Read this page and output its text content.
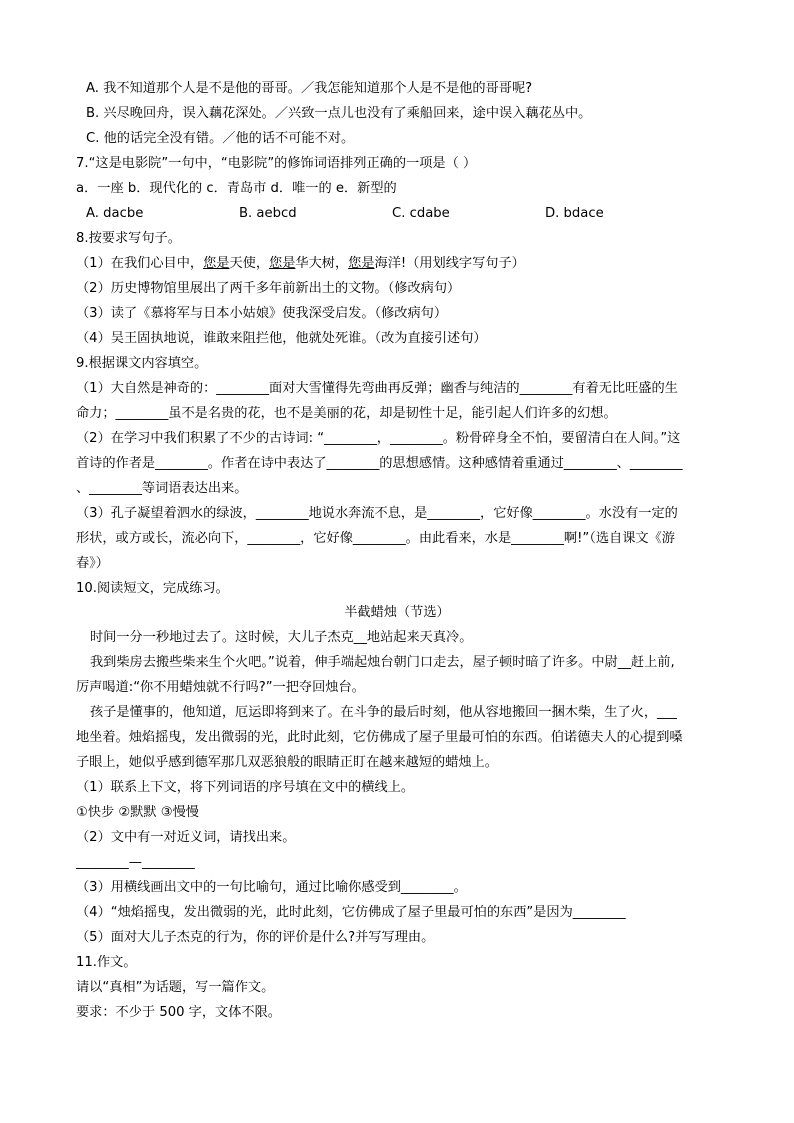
A. 我不知道那个人是不是他的哥哥。／我怎能知道那个人是不是他的哥哥呢?
B. 兴尽晚回舟，误入藕花深处。／兴致一点儿也没有了乘船回来，途中误入藕花丛中。
C. 他的话完全没有错。／他的话不可能不对。
7.“这是电影院”一句中，“电影院”的修饰词语排列正确的一项是（ ）
a．一座 b．现代化的 c．青岛市 d．唯一的 e．新型的
A. dacbe	B. aebcd	C. cdabe	D. bdace
8.按要求写句子。
（1）在我们心目中，您是天使，您是华大树，您是海洋!（用划线字写句子）
（2）历史博物馆里展出了两千多年前新出土的文物。（修改病句）
（3）读了《慕将军与日本小姑娘》使我深受启发。（修改病句）
（4）吴王固执地说，谁敢来阻拦他，他就处死谁。（改为直接引述句）
9.根据课文内容填空。
（1）大自然是神奇的：________面对大雪懂得先弯曲再反弹；幽香与纯洁的________有着无比旺盛的生
命力；________虽不是名贵的花，也不是美丽的花，却是韧性十足，能引起人们许多的幻想。
（2）在学习中我们积累了不少的古诗词: “________，________。粉骨碎身全不怕，要留清白在人间。”这
首诗的作者是________。作者在诗中表达了________的思想感情。这种感情着重通过________、________
、________等词语表达出来。
（3）孔子凝望着泗水的绿波，________地说水奔流不息，是________，它好像________。水没有一定的
形状，或方或长，流必向下，________，它好像________。由此看来，水是________啊!”（选自课文《游
春》）
10.阅读短文，完成练习。
半截蜡烛（节选）
时间一分一秒地过去了。这时候，大儿子杰克__地站起来天真冷。
我到柴房去搬些柴来生个火吧。”说着，伸手端起烛台朝门口走去，屋子顿时暗了许多。中尉__赶上前,
厉声喝道:“你不用蜡烛就不行吗?”一把夺回烛台。
孩子是懂事的，他知道，厄运即将到来了。在斗争的最后时刻，他从容地搬回一捆木柴，生了火，___
地坐着。烛焰摇曳，发出微弱的光，此时此刻，它仿佛成了屋子里最可怕的东西。伯诺德夫人的心提到嗓
子眼上，她似乎感到德军那几双恶狼般的眼睛正盯在越来越短的蜡烛上。
（1）联系上下文，将下列词语的序号填在文中的横线上。
①快步 ②默默 ③慢慢
（2）文中有一对近义词，请找出来。
________—________
（3）用横线画出文中的一句比喻句，通过比喻你感受到________。
（4）“烛焰摇曳，发出微弱的光，此时此刻，它仿佛成了屋子里最可怕的东西”是因为________
（5）面对大儿子杰克的行为，你的评价是什么?并写写理由。
11.作文。
请以“真相”为话题，写一篇作文。
要求：不少于 500 字，文体不限。
